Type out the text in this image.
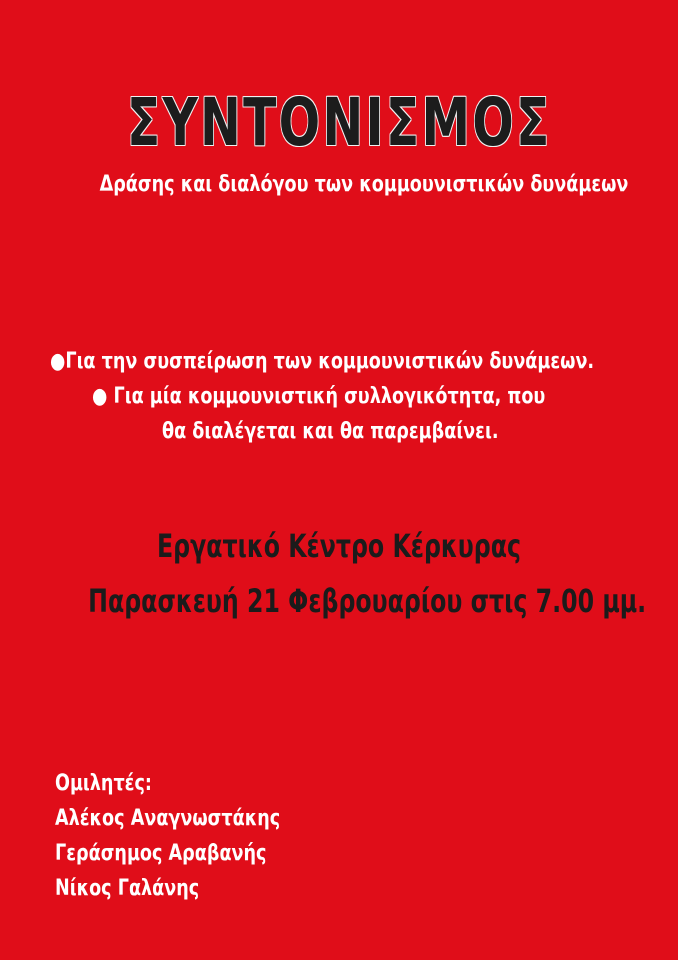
ΣΥΝΤΟΝΙΣΜΟΣ
Δράσης και διαλόγου των κομμουνιστικών δυνάμεων
●Για την συσπείρωση των κομμουνιστικών δυνάμεων.
● Για μία κομμουνιστική συλλογικότητα, που
θα διαλέγεται και θα παρεμβαίνει.
Εργατικό Κέντρο Κέρκυρας
Παρασκευή 21 Φεβρουαρίου στις 7.00 μμ.
Ομιλητές:
Αλέκος Αναγνωστάκης
Γεράσημος Αραβανής
Νίκος Γαλάνης
